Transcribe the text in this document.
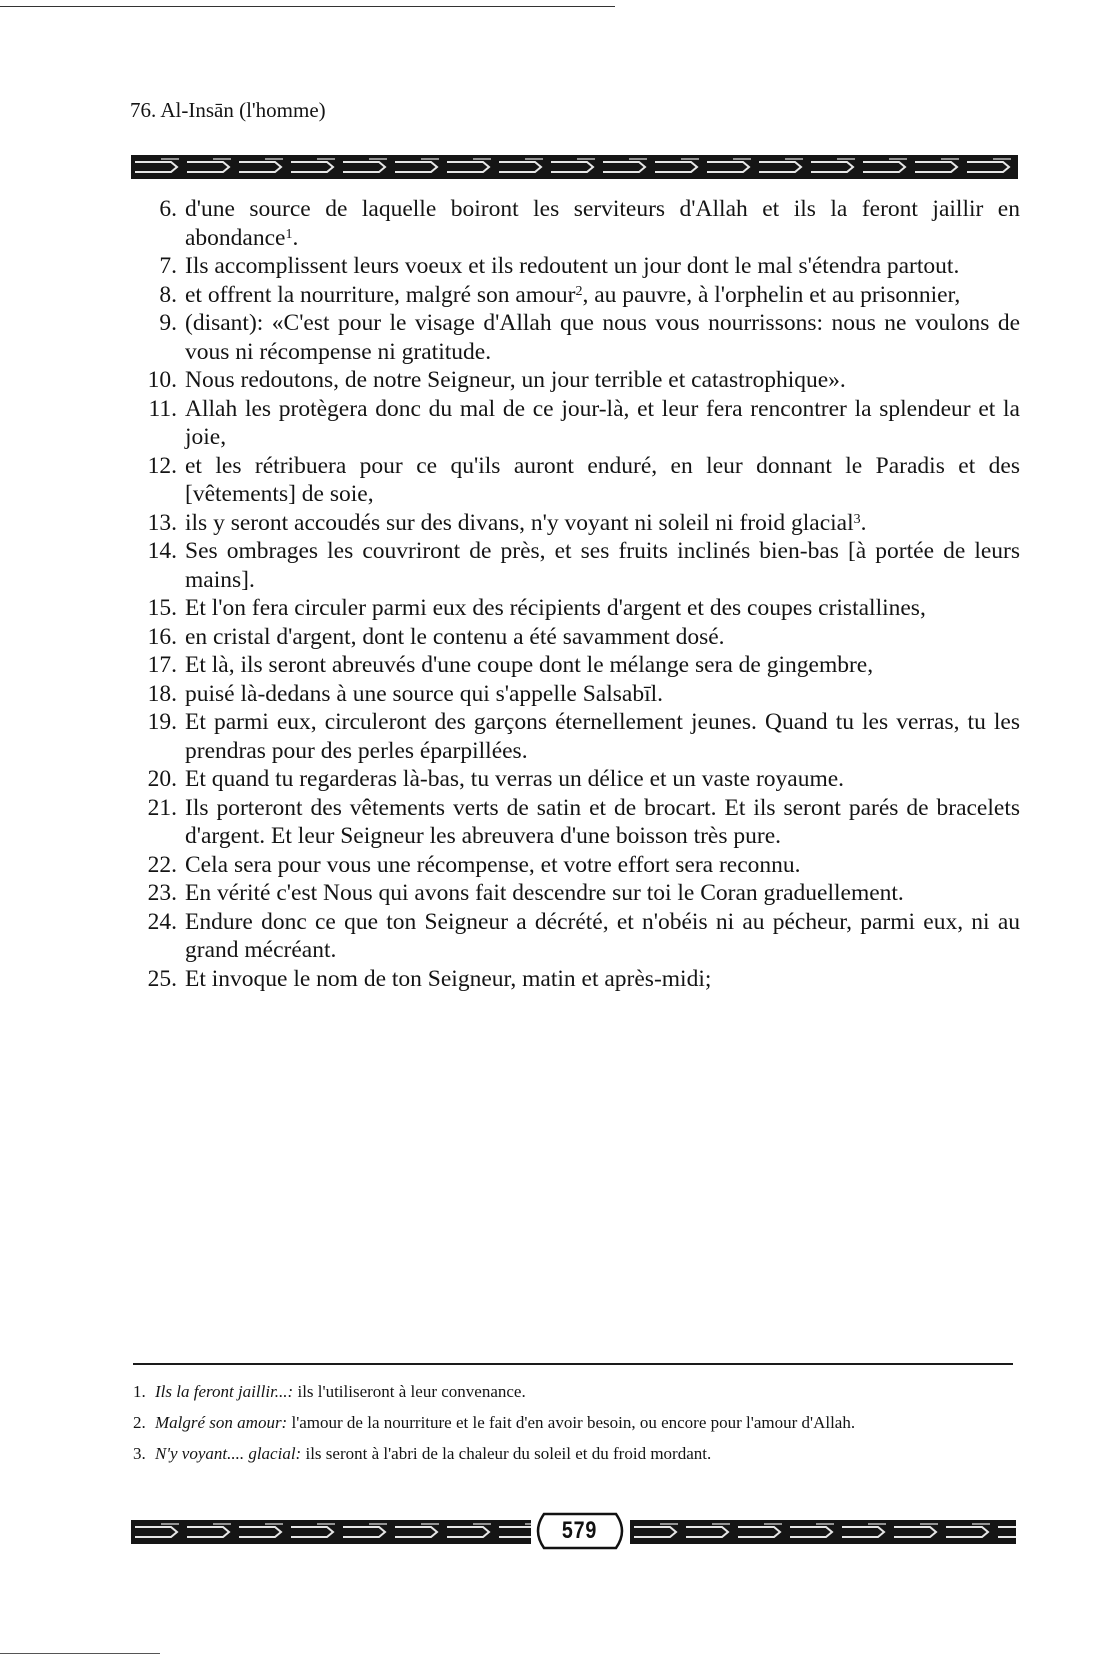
76. Al-Insān (l'homme)
6. d'une source de laquelle boiront les serviteurs d'Allah et ils la feront jaillir en abondance$^1$.
7. Ils accomplissent leurs voeux et ils redoutent un jour dont le mal s'étendra partout.
8. et offrent la nourriture, malgré son amour$^2$, au pauvre, à l'orphelin et au prisonnier,
9. (disant): «C'est pour le visage d'Allah que nous vous nourrissons: nous ne voulons de vous ni récompense ni gratitude.
10. Nous redoutons, de notre Seigneur, un jour terrible et catastrophique».
11. Allah les protègera donc du mal de ce jour-là, et leur fera rencontrer la splendeur et la joie,
12. et les rétribuera pour ce qu'ils auront enduré, en leur donnant le Paradis et des [vêtements] de soie,
13. ils y seront accoudés sur des divans, n'y voyant ni soleil ni froid glacial$^3$.
14. Ses ombrages les couvriront de près, et ses fruits inclinés bien-bas [à portée de leurs mains].
15. Et l'on fera circuler parmi eux des récipients d'argent et des coupes cristallines,
16. en cristal d'argent, dont le contenu a été savamment dosé.
17. Et là, ils seront abreuvés d'une coupe dont le mélange sera de gingembre,
18. puisé là-dedans à une source qui s'appelle Salsabīl.
19. Et parmi eux, circuleront des garçons éternellement jeunes. Quand tu les verras, tu les prendras pour des perles éparpillées.
20. Et quand tu regarderas là-bas, tu verras un délice et un vaste royaume.
21. Ils porteront des vêtements verts de satin et de brocart. Et ils seront parés de bracelets d'argent. Et leur Seigneur les abreuvera d'une boisson très pure.
22. Cela sera pour vous une récompense, et votre effort sera reconnu.
23. En vérité c'est Nous qui avons fait descendre sur toi le Coran graduellement.
24. Endure donc ce que ton Seigneur a décrété, et n'obéis ni au pécheur, parmi eux, ni au grand mécréant.
25. Et invoque le nom de ton Seigneur, matin et après-midi;
1. Ils la feront jaillir...: ils l'utiliseront à leur convenance.
2. Malgré son amour: l'amour de la nourriture et le fait d'en avoir besoin, ou encore pour l'amour d'Allah.
3. N'y voyant.... glacial: ils seront à l'abri de la chaleur du soleil et du froid mordant.
579
